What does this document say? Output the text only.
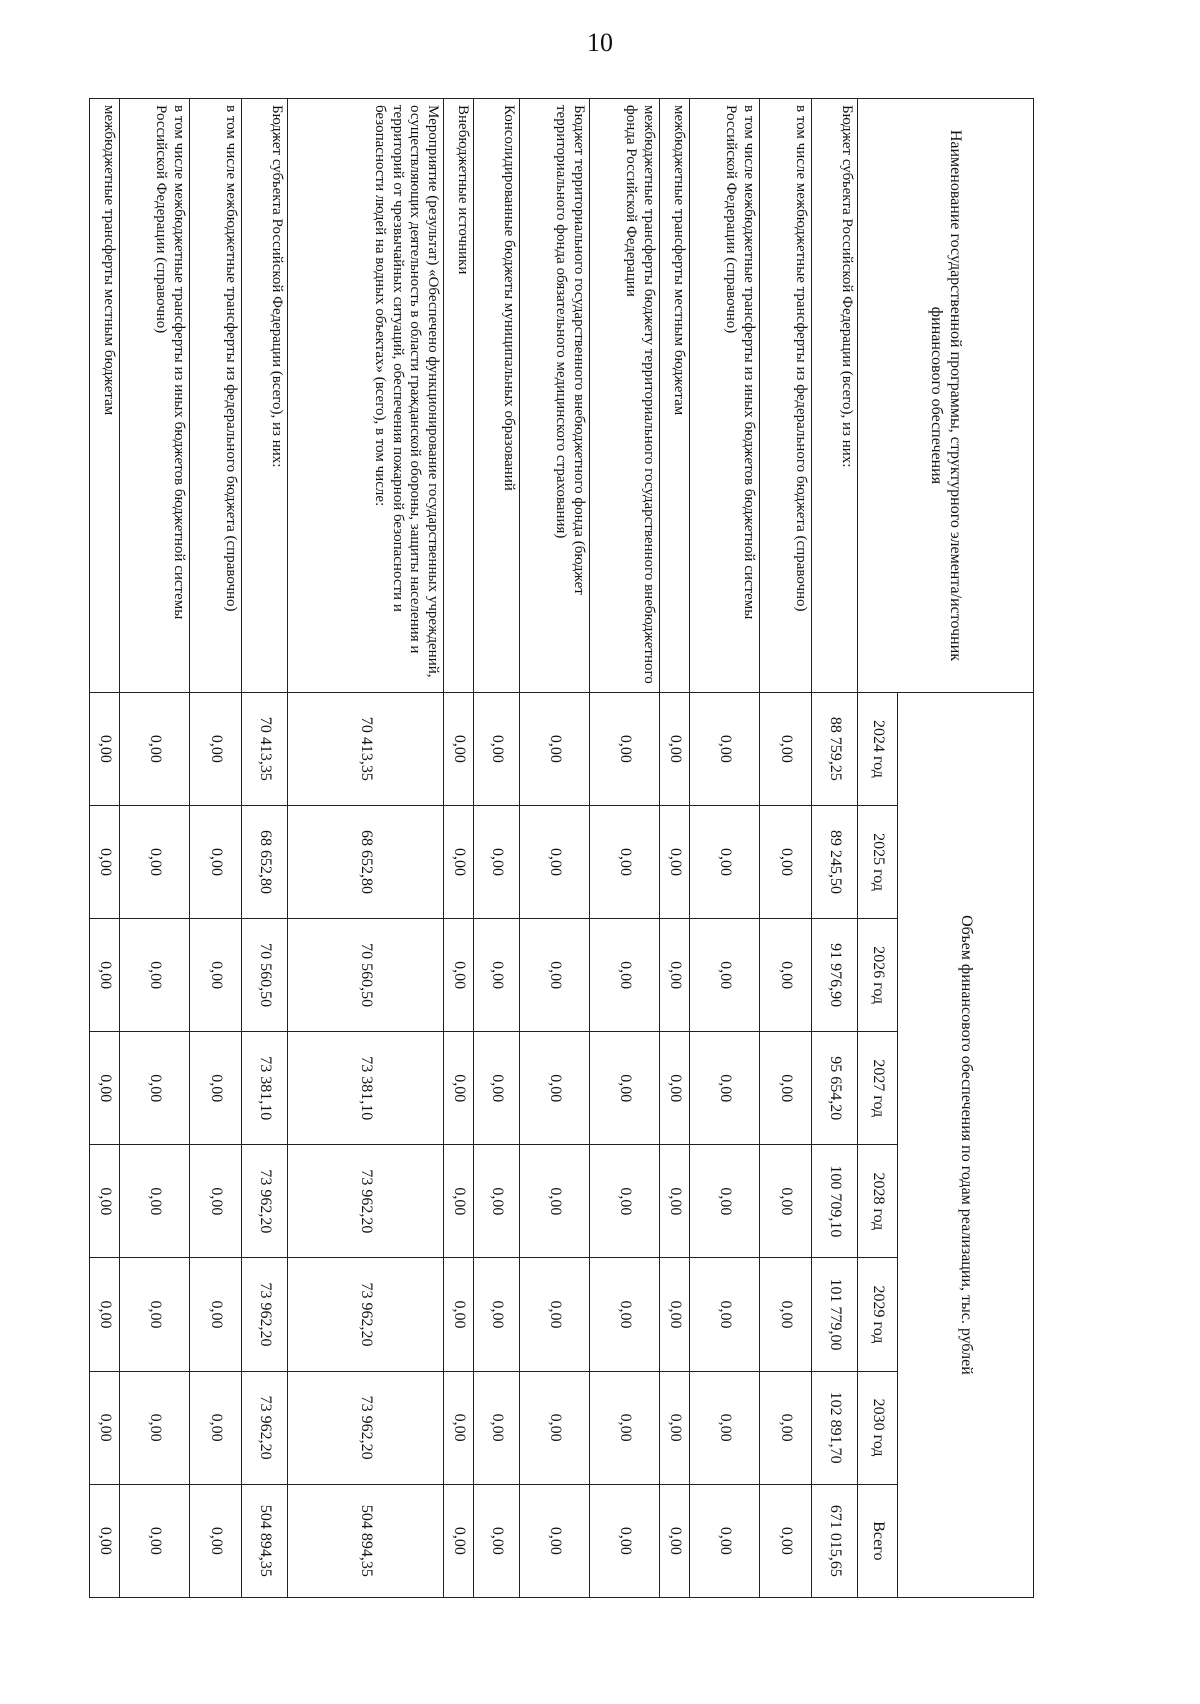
10
Наименование государственной программы, структурного элемента/источник финансового обеспечения	Объем финансового обеспечения по годам реализации, тыс. рублей							
	2024 год	2025 год	2026 год	2027 год	2028 год	2029 год	2030 год	Всего
Бюджет субъекта Российской Федерации (всего), из них:	88 759,25	89 245,50	91 976,90	95 654,20	100 709,10	101 779,00	102 891,70	671 015,65
в том числе межбюджетные трансферты из федерального бюджета (справочно)	0,00	0,00	0,00	0,00	0,00	0,00	0,00	0,00
в том числе межбюджетные трансферты из иных бюджетов бюджетной системы Российской Федерации (справочно)	0,00	0,00	0,00	0,00	0,00	0,00	0,00	0,00
межбюджетные трансферты местным бюджетам	0,00	0,00	0,00	0,00	0,00	0,00	0,00	0,00
межбюджетные трансферты бюджету территориального государственного внебюджетного фонда Российской Федерации	0,00	0,00	0,00	0,00	0,00	0,00	0,00	0,00
Бюджет территориального государственного внебюджетного фонда (бюджет территориального фонда обязательного медицинского страхования)	0,00	0,00	0,00	0,00	0,00	0,00	0,00	0,00
Консолидированные бюджеты муниципальных образований	0,00	0,00	0,00	0,00	0,00	0,00	0,00	0,00
Внебюджетные источники	0,00	0,00	0,00	0,00	0,00	0,00	0,00	0,00
Мероприятие (результат) «Обеспечено функционирование государственных учреждений, осуществляющих деятельность в области гражданской обороны, защиты населения и территорий от чрезвычайных ситуаций, обеспечения пожарной безопасности и безопасности людей на водных объектах» (всего), в том числе:	70 413,35	68 652,80	70 560,50	73 381,10	73 962,20	73 962,20	73 962,20	504 894,35
Бюджет субъекта Российской Федерации (всего), из них:	70 413,35	68 652,80	70 560,50	73 381,10	73 962,20	73 962,20	73 962,20	504 894,35
в том числе межбюджетные трансферты из федерального бюджета (справочно)	0,00	0,00	0,00	0,00	0,00	0,00	0,00	0,00
в том числе межбюджетные трансферты из иных бюджетов бюджетной системы Российской Федерации (справочно)	0,00	0,00	0,00	0,00	0,00	0,00	0,00	0,00
межбюджетные трансферты местным бюджетам	0,00	0,00	0,00	0,00	0,00	0,00	0,00	0,00
